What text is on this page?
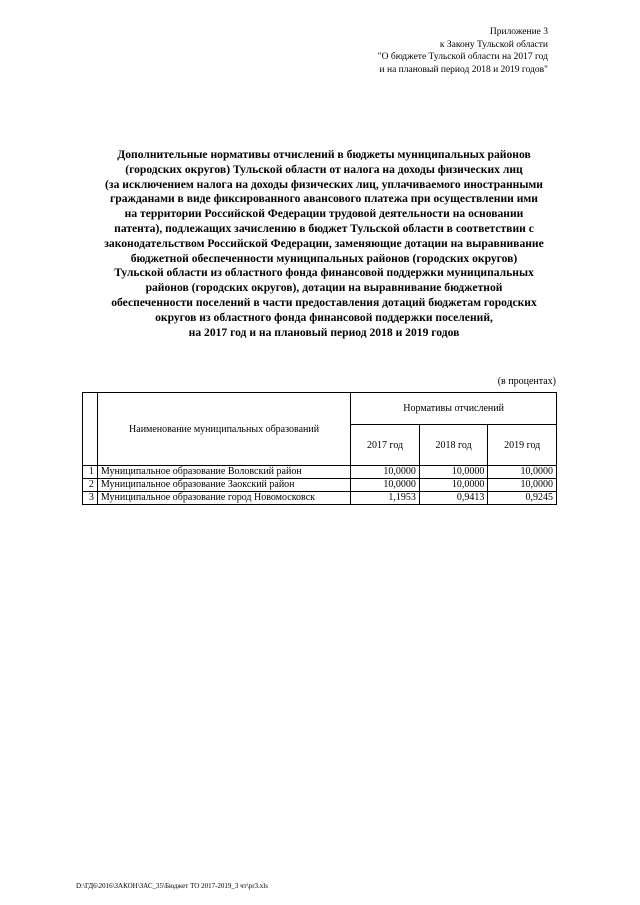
Приложение 3
к Закону Тульской области
"О бюджете Тульской области на 2017 год
и на плановый период 2018 и 2019 годов"
Дополнительные нормативы отчислений в бюджеты муниципальных районов
(городских округов) Тульской области от налога на доходы физических лиц
(за исключением налога на доходы физических лиц, уплачиваемого иностранными
гражданами в виде фиксированного авансового платежа при осуществлении ими
на территории Российской Федерации трудовой деятельности на основании
патента), подлежащих зачислению в бюджет Тульской области в соответствии с
законодательством Российской Федерации, заменяющие дотации на выравнивание
бюджетной обеспеченности муниципальных районов (городских округов)
Тульской области из областного фонда финансовой поддержки муниципальных
районов (городских округов), дотации на выравнивание бюджетной
обеспеченности поселений в части предоставления дотаций бюджетам городских
округов из областного фонда финансовой поддержки поселений,
на 2017 год и на плановый период 2018 и 2019 годов
(в процентах)
	Наименование муниципальных образований	Нормативы отчислений		
		2017 год	2018 год	2019 год
1	Муниципальное образование Воловский район	10,0000	10,0000	10,0000
2	Муниципальное образование Заокский район	10,0000	10,0000	10,0000
3	Муниципальное образование город Новомосковск	1,1953	0,9413	0,9245
D:\ГД6\2016\ЗАКОН\ЗАС_35\Бюджет ТО 2017-2019_3 чт\pr3.xls
